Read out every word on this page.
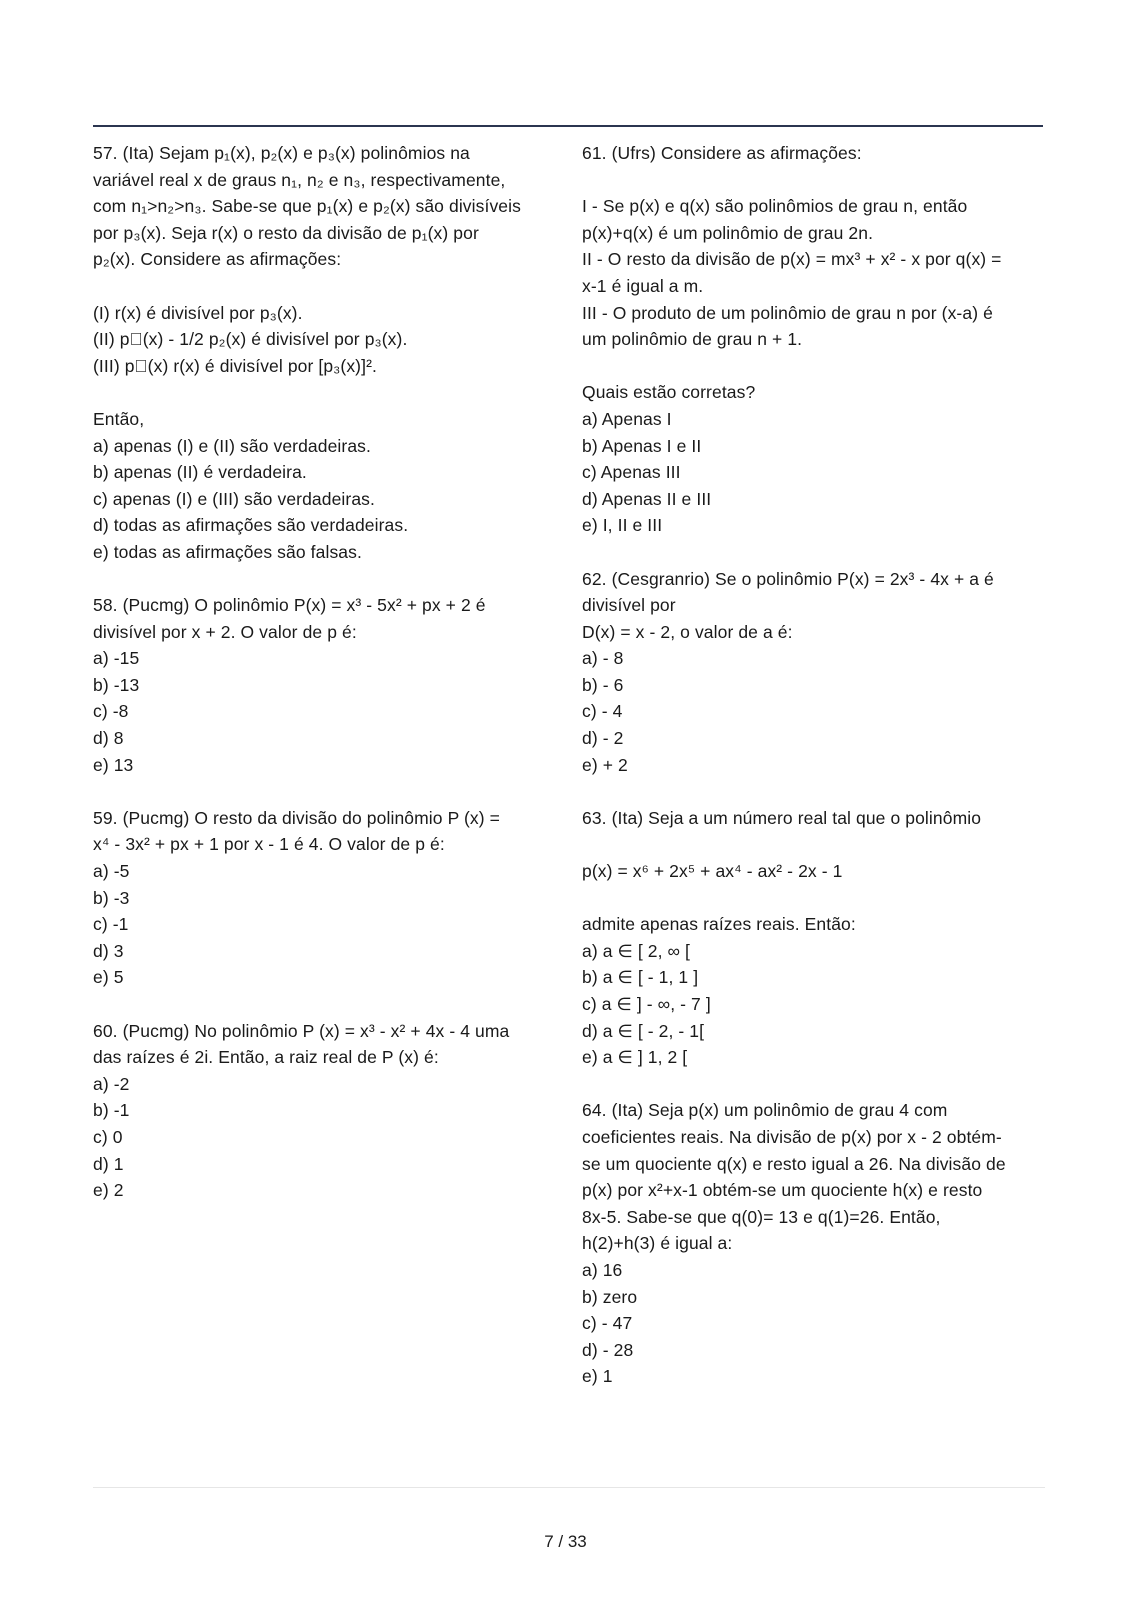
57. (Ita) Sejam p₁(x), p₂(x) e p₃(x) polinômios na
variável real x de graus n₁, n₂ e n₃, respectivamente,
com n₁>n₂>n₃. Sabe-se que p₁(x) e p₂(x) são divisíveis
por p₃(x). Seja r(x) o resto da divisão de p₁(x) por
p₂(x). Considere as afirmações:
(I) r(x) é divisível por p₃(x).
(II) p⃞(x) - 1/2 p₂(x) é divisível por p₃(x).
(III) p⃞(x) r(x) é divisível por [p₃(x)]².
Então,
a) apenas (I) e (II) são verdadeiras.
b) apenas (II) é verdadeira.
c) apenas (I) e (III) são verdadeiras.
d) todas as afirmações são verdadeiras.
e) todas as afirmações são falsas.
58. (Pucmg) O polinômio P(x) = x³ - 5x² + px + 2 é
divisível por x + 2. O valor de p é:
a) -15
b) -13
c) -8
d) 8
e) 13
59. (Pucmg) O resto da divisão do polinômio P (x) =
x⁴ - 3x² + px + 1 por x - 1 é 4. O valor de p é:
a) -5
b) -3
c) -1
d) 3
e) 5
60. (Pucmg) No polinômio P (x) = x³ - x² + 4x - 4 uma
das raízes é 2i. Então, a raiz real de P (x) é:
a) -2
b) -1
c) 0
d) 1
e) 2
61. (Ufrs) Considere as afirmações:
I - Se p(x) e q(x) são polinômios de grau n, então
p(x)+q(x) é um polinômio de grau 2n.
II - O resto da divisão de p(x) = mx³ + x² - x por q(x) =
x-1 é igual a m.
III - O produto de um polinômio de grau n por (x-a) é
um polinômio de grau n + 1.
Quais estão corretas?
a) Apenas I
b) Apenas I e II
c) Apenas III
d) Apenas II e III
e) I, II e III
62. (Cesgranrio) Se o polinômio P(x) = 2x³ - 4x + a é
divisível por
D(x) = x - 2, o valor de a é:
a) - 8
b) - 6
c) - 4
d) - 2
e) + 2
63. (Ita) Seja a um número real tal que o polinômio
p(x) = x⁶ + 2x⁵ + ax⁴ - ax² - 2x - 1
admite apenas raízes reais. Então:
a) a ∈ [ 2, ∞ [
b) a ∈ [ - 1, 1 ]
c) a ∈ ] - ∞, - 7 ]
d) a ∈ [ - 2, - 1[
e) a ∈ ] 1, 2 [
64. (Ita) Seja p(x) um polinômio de grau 4 com
coeficientes reais. Na divisão de p(x) por x - 2 obtém-
se um quociente q(x) e resto igual a 26. Na divisão de
p(x) por x²+x-1 obtém-se um quociente h(x) e resto
8x-5. Sabe-se que q(0)= 13 e q(1)=26. Então,
h(2)+h(3) é igual a:
a) 16
b) zero
c) - 47
d) - 28
e) 1
7 / 33
